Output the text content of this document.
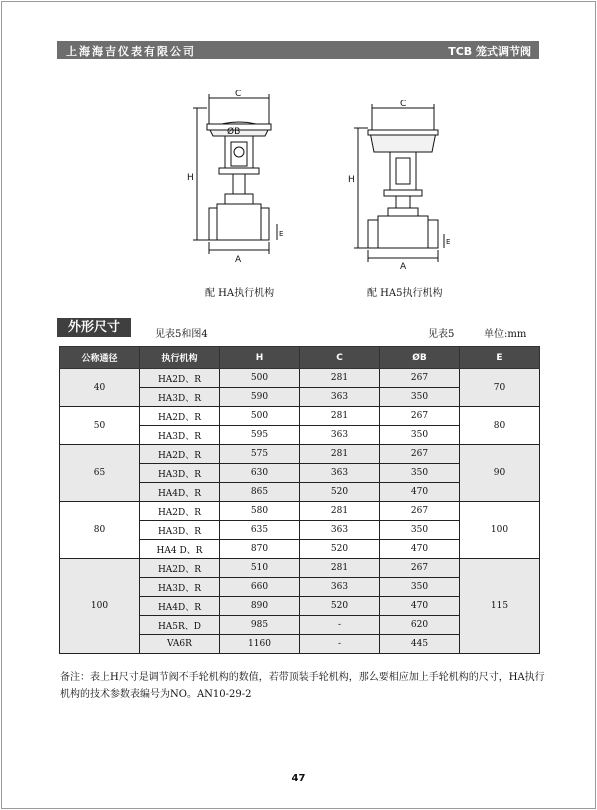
上海海吉仪表有限公司	TCB 笼式调节阀
C
ØB
H
E
A
配 HA执行机构
C
H
E
A
配 HA5执行机构
外形尺寸	见表5和图4	见表5	单位:mm
公称通径	执行机构	H	C	ØB	E
40	HA2D、R	500	281	267	70
	HA3D、R	590	363	350	
50	HA2D、R	500	281	267	80
	HA3D、R	595	363	350	
65	HA2D、R	575	281	267	90
	HA3D、R	630	363	350	
	HA4D、R	865	520	470	
80	HA2D、R	580	281	267	100
	HA3D、R	635	363	350	
	HA4 D、R	870	520	470	
100	HA2D、R	510	281	267	115
	HA3D、R	660	363	350	
	HA4D、R	890	520	470	
	HA5R、D	985	-	620	
	VA6R	1160	-	445	
备注：表上H尺寸是调节阀不手轮机构的数值，若带顶装手轮机构，那么要相应加上手轮机构的尺寸，HA执行机构的技术参数表编号为NO。AN10-29-2
47
